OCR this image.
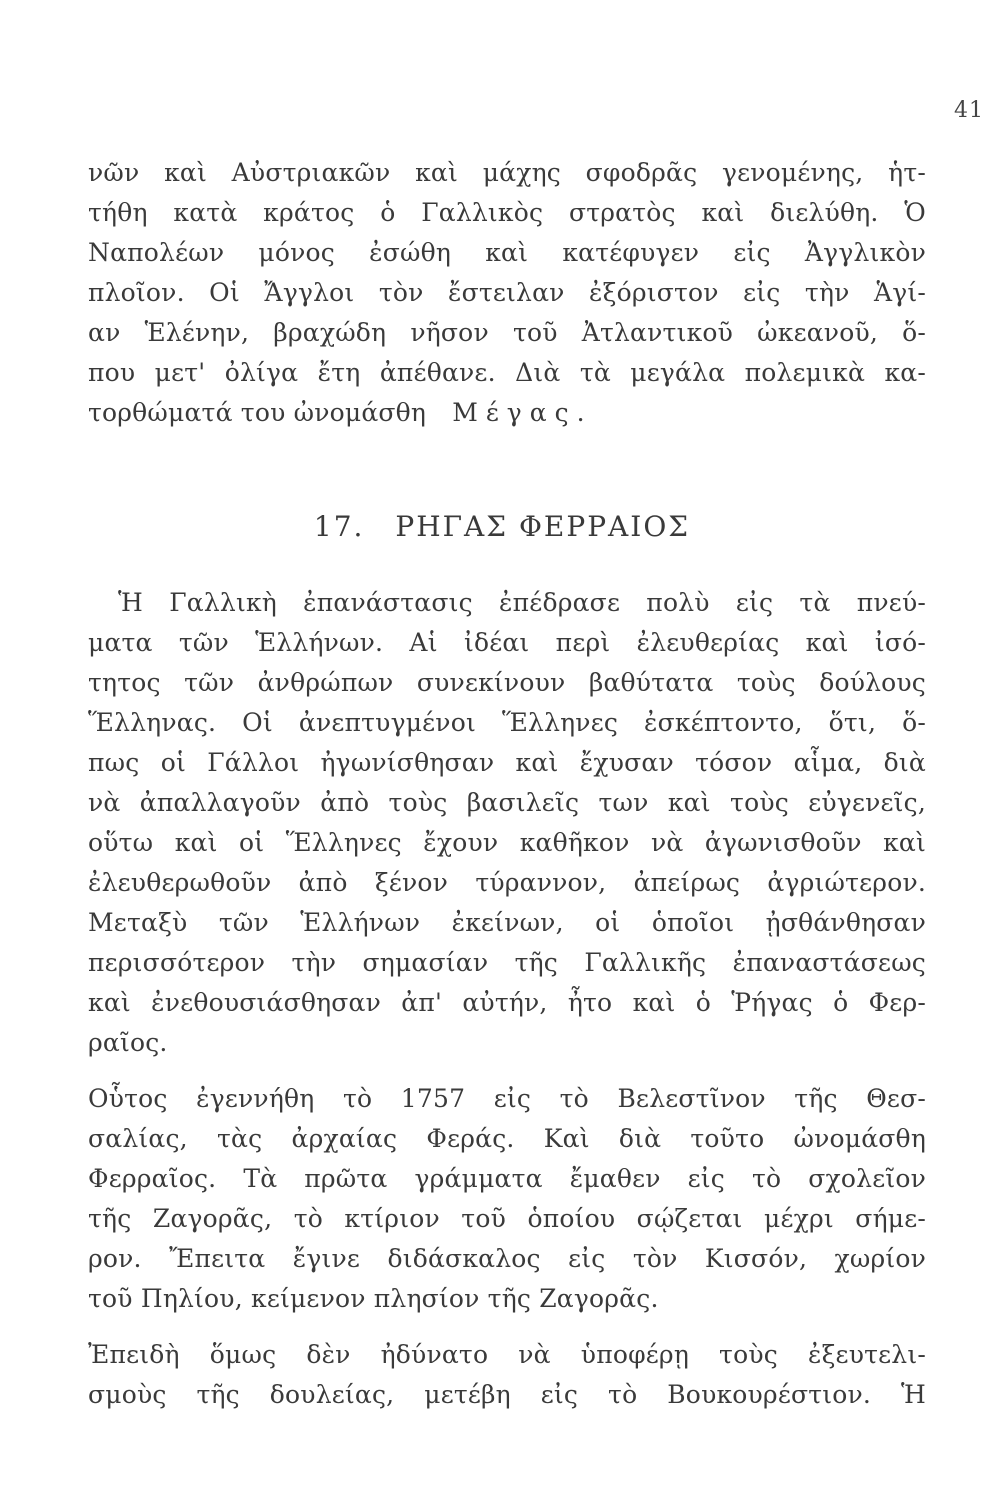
41
νῶν καὶ Αὐστριακῶν καὶ μάχης σφοδρᾶς γενομένης, ἡτ-
τήθη κατὰ κράτος ὁ Γαλλικὸς στρατὸς καὶ διελύθη. Ὁ
Ναπολέων μόνος ἐσώθη καὶ κατέφυγεν εἰς Ἀγγλικὸν
πλοῖον. Οἱ Ἄγγλοι τὸν ἔστειλαν ἐξόριστον εἰς τὴν Ἁγί-
αν Ἑλένην, βραχώδη νῆσον τοῦ Ἀτλαντικοῦ ὠκεανοῦ, ὅ-
που μετ' ὀλίγα ἔτη ἀπέθανε. Διὰ τὰ μεγάλα πολεμικὰ κα-
τορθώματά του ὠνομάσθη Μέγας.
17. ΡΗΓΑΣ ΦΕΡΡΑΙΟΣ
Ἡ Γαλλικὴ ἐπανάστασις ἐπέδρασε πολὺ εἰς τὰ πνεύ-
ματα τῶν Ἑλλήνων. Αἱ ἰδέαι περὶ ἐλευθερίας καὶ ἰσό-
τητος τῶν ἀνθρώπων συνεκίνουν βαθύτατα τοὺς δούλους
Ἕλληνας. Οἱ ἀνεπτυγμένοι Ἕλληνες ἐσκέπτοντο, ὅτι, ὅ-
πως οἱ Γάλλοι ἠγωνίσθησαν καὶ ἔχυσαν τόσον αἷμα, διὰ
νὰ ἀπαλλαγοῦν ἀπὸ τοὺς βασιλεῖς των καὶ τοὺς εὐγενεῖς,
οὕτω καὶ οἱ Ἕλληνες ἔχουν καθῆκον νὰ ἀγωνισθοῦν καὶ
ἐλευθερωθοῦν ἀπὸ ξένον τύραννον, ἀπείρως ἀγριώτερον.
Μεταξὺ τῶν Ἑλλήνων ἐκείνων, οἱ ὁποῖοι ᾐσθάνθησαν
περισσότερον τὴν σημασίαν τῆς Γαλλικῆς ἐπαναστάσεως
καὶ ἐνεθουσιάσθησαν ἀπ' αὐτήν, ἦτο καὶ ὁ Ῥήγας ὁ Φερ-
ραῖος.
Οὗτος ἐγεννήθη τὸ 1757 εἰς τὸ Βελεστῖνον τῆς Θεσ-
σαλίας, τὰς ἀρχαίας Φεράς. Καὶ διὰ τοῦτο ὠνομάσθη
Φερραῖος. Τὰ πρῶτα γράμματα ἔμαθεν εἰς τὸ σχολεῖον
τῆς Ζαγορᾶς, τὸ κτίριον τοῦ ὁποίου σῴζεται μέχρι σήμε-
ρον. Ἔπειτα ἔγινε διδάσκαλος εἰς τὸν Κισσόν, χωρίον
τοῦ Πηλίου, κείμενον πλησίον τῆς Ζαγορᾶς.
Ἐπειδὴ ὅμως δὲν ἠδύνατο νὰ ὑποφέρῃ τοὺς ἐξευτελι-
σμοὺς τῆς δουλείας, μετέβη εἰς τὸ Βουκουρέστιον. Ἡ
